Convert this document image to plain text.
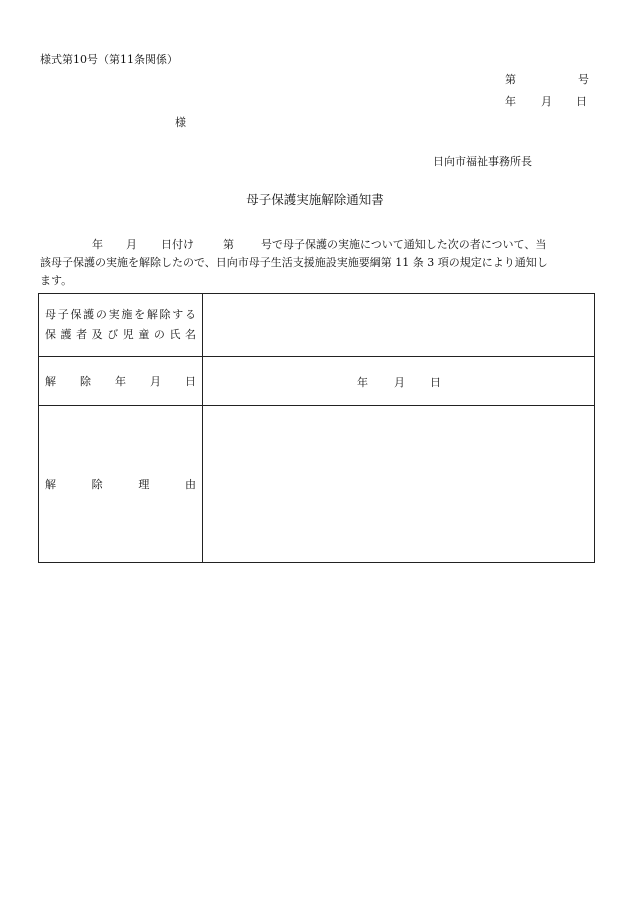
様式第10号（第11条関係）
第	号
年 月 日
様
日向市福祉事務所長
母子保護実施解除通知書
年 月 日付け	第 号で母子保護の実施について通知した次の者について、当
該母子保護の実施を解除したので、日向市母子生活支援施設実施要綱第 11 条 3 項の規定により通知し
ます。
母子保護の実施を解除する
保護者及び児童の氏名	

解 除 年 月 日	年 月 日

解 除 理 由	
